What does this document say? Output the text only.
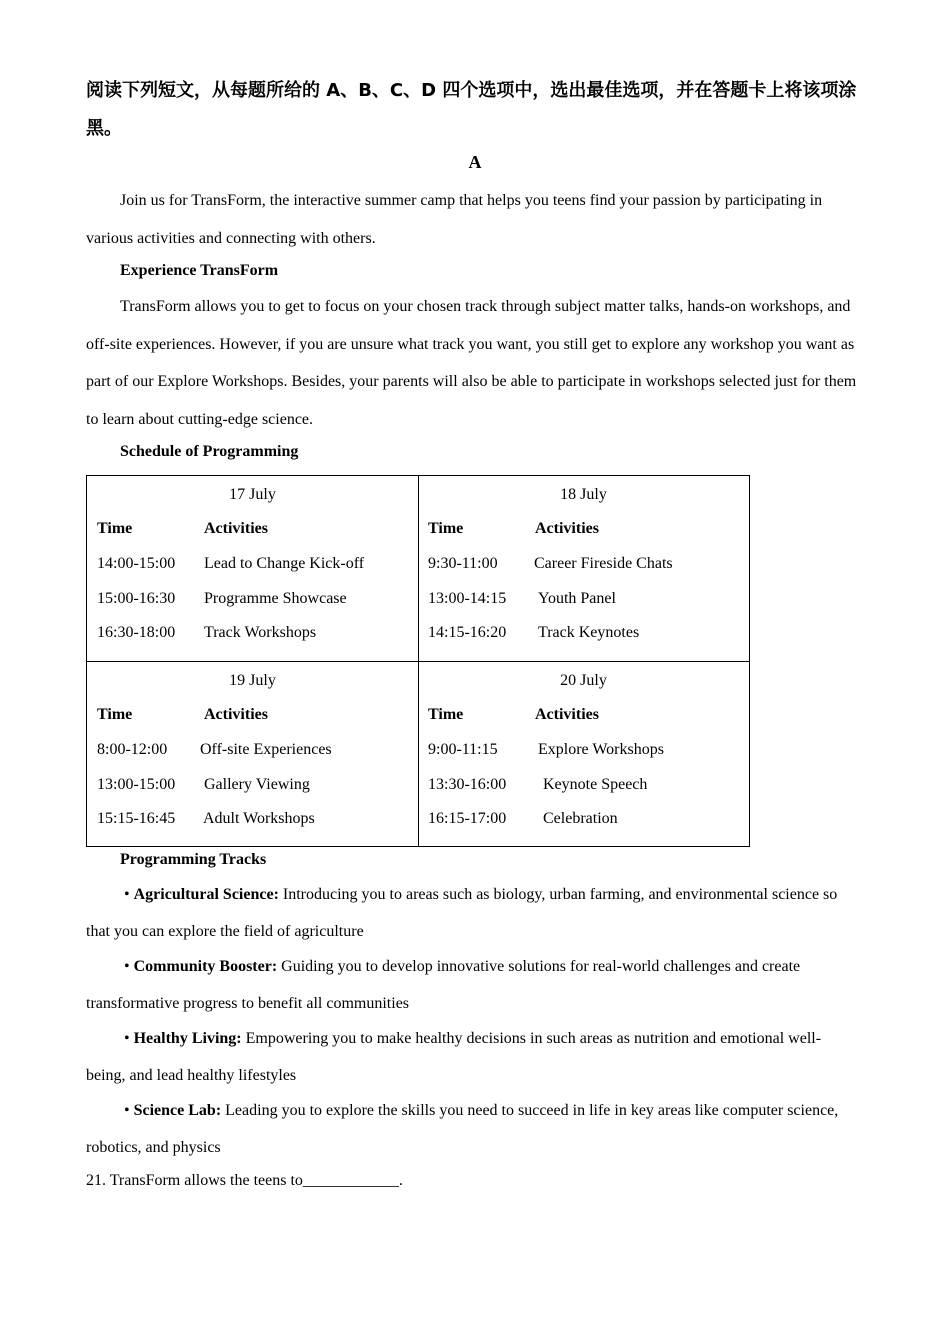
阅读下列短文，从每题所给的 A、B、C、D 四个选项中，选出最佳选项，并在答题卡上将该项涂黑。

A

Join us for TransForm, the interactive summer camp that helps you teens find your passion by participating in various activities and connecting with others.

Experience TransForm

TransForm allows you to get to focus on your chosen track through subject matter talks, hands-on workshops, and off-site experiences. However, if you are unsure what track you want, you still get to explore any workshop you want as part of our Explore Workshops. Besides, your parents will also be able to participate in workshops selected just for them to learn about cutting-edge science.

Schedule of Programming

17 July
Time	Activities
14:00-15:00 Lead to Change Kick-off
15:00-16:30 Programme Showcase
16:30-18:00 Track Workshops
18 July
Time	Activities
9:30-11:00 Career Fireside Chats
13:00-14:15 Youth Panel
14:15-16:20 Track Keynotes
19 July
Time	Activities
8:00-12:00 Off-site Experiences
13:00-15:00 Gallery Viewing
15:15-16:45 Adult Workshops
20 July
Time	Activities
9:00-11:15	Explore Workshops
13:30-16:00 Keynote Speech
16:15-17:00 Celebration

Programming Tracks

• Agricultural Science: Introducing you to areas such as biology, urban farming, and environmental science so that you can explore the field of agriculture

• Community Booster: Guiding you to develop innovative solutions for real-world challenges and create transformative progress to benefit all communities

• Healthy Living: Empowering you to make healthy decisions in such areas as nutrition and emotional well-being, and lead healthy lifestyles

• Science Lab: Leading you to explore the skills you need to succeed in life in key areas like computer science, robotics, and physics

21. TransForm allows the teens to____________.
